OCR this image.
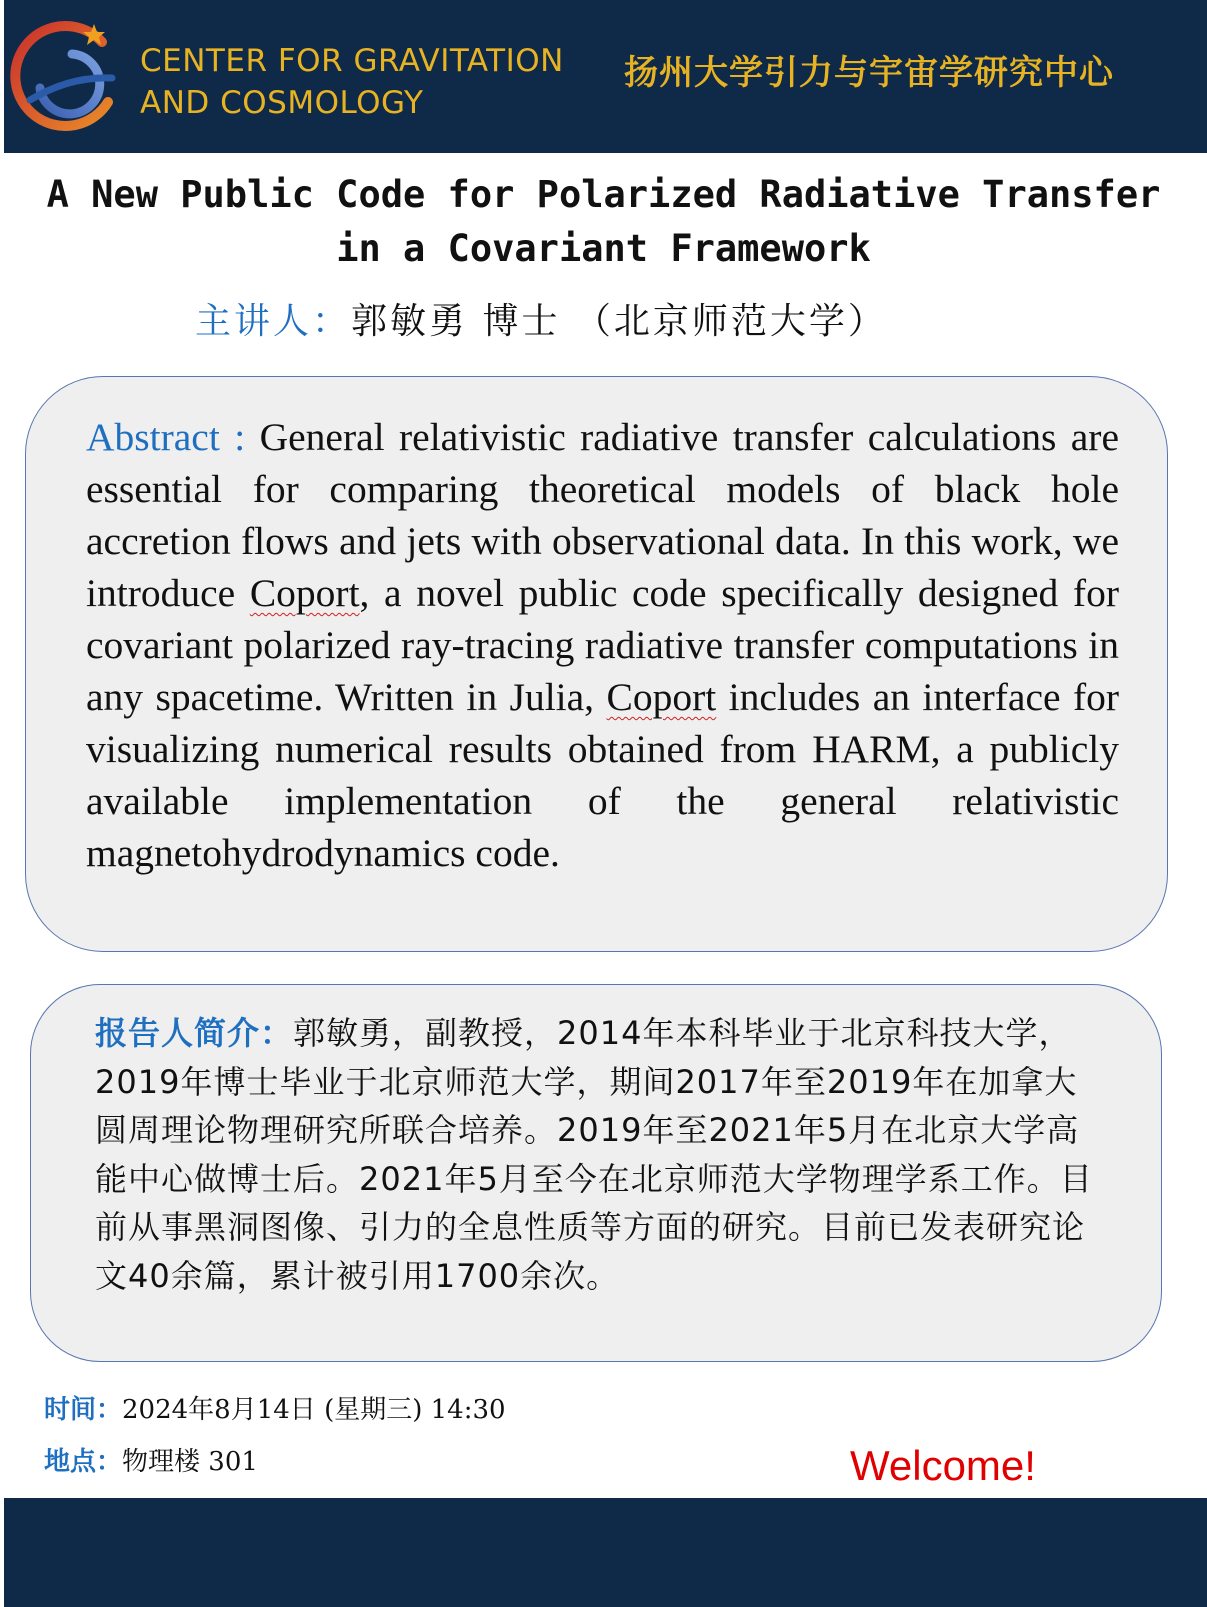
CENTER FOR GRAVITATION
AND COSMOLOGY
扬州大学引力与宇宙学研究中心
A New Public Code for Polarized Radiative Transfer
in a Covariant Framework
主讲人：郭敏勇 博士 （北京师范大学）
Abstract : General relativistic radiative transfer calculations are essential for comparing theoretical models of black hole accretion flows and jets with observational data. In this work, we introduce Coport, a novel public code specifically designed for covariant polarized ray-tracing radiative transfer computations in any spacetime. Written in Julia, Coport includes an interface for visualizing numerical results obtained from HARM, a publicly available implementation of the general relativistic magnetohydrodynamics code.
报告人简介：郭敏勇，副教授，2014年本科毕业于北京科技大学，2019年博士毕业于北京师范大学，期间2017年至2019年在加拿大圆周理论物理研究所联合培养。2019年至2021年5月在北京大学高能中心做博士后。2021年5月至今在北京师范大学物理学系工作。目前从事黑洞图像、引力的全息性质等方面的研究。目前已发表研究论文40余篇，累计被引用1700余次。
时间：2024年8月14日 (星期三) 14:30
地点：物理楼 301	Welcome!
